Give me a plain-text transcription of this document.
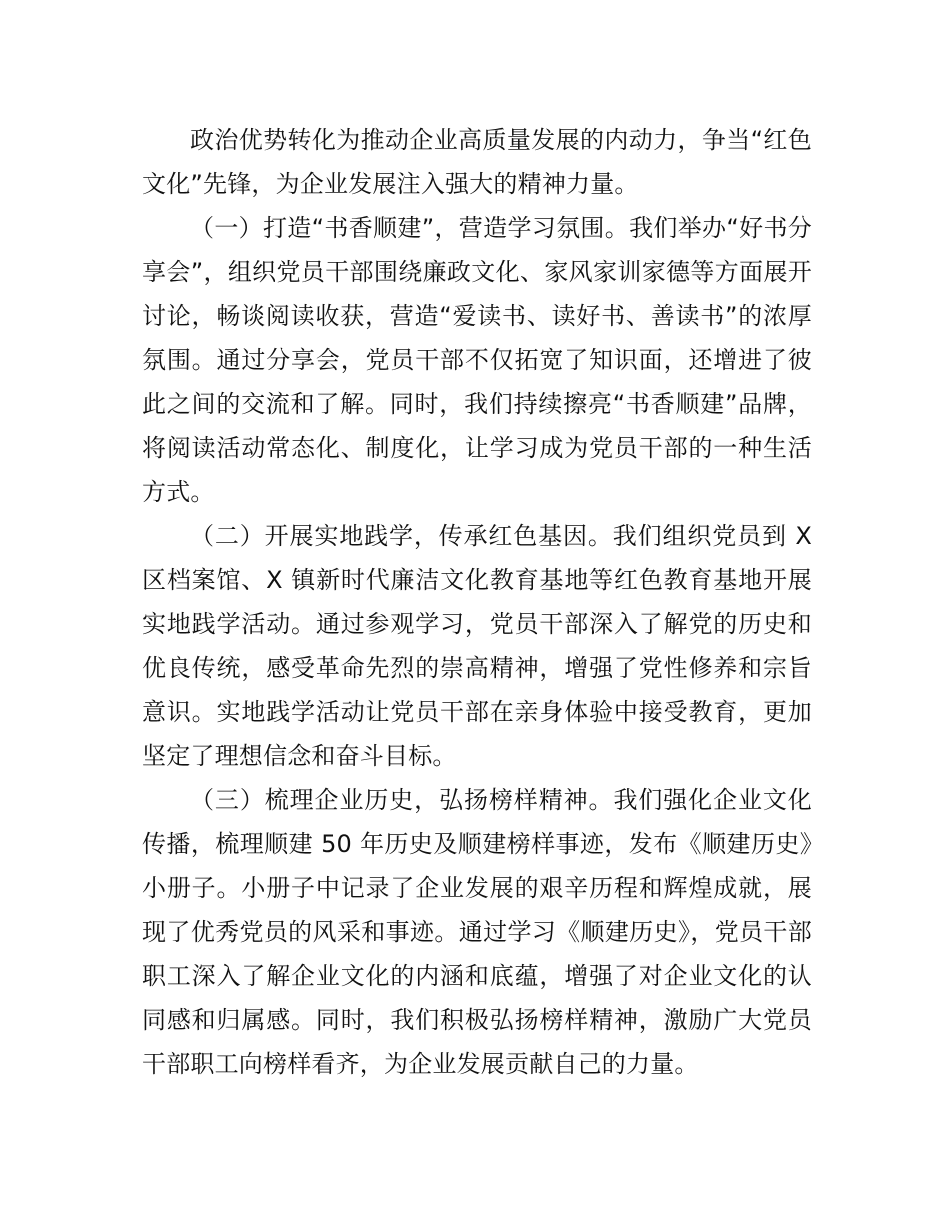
政治优势转化为推动企业高质量发展的内动力，争当“红色文化”先锋，为企业发展注入强大的精神力量。

（一）打造“书香顺建”，营造学习氛围。我们举办“好书分享会”，组织党员干部围绕廉政文化、家风家训家德等方面展开讨论，畅谈阅读收获，营造“爱读书、读好书、善读书”的浓厚氛围。通过分享会，党员干部不仅拓宽了知识面，还增进了彼此之间的交流和了解。同时，我们持续擦亮“书香顺建”品牌，将阅读活动常态化、制度化，让学习成为党员干部的一种生活方式。

（二）开展实地践学，传承红色基因。我们组织党员到 X 区档案馆、X 镇新时代廉洁文化教育基地等红色教育基地开展实地践学活动。通过参观学习，党员干部深入了解党的历史和优良传统，感受革命先烈的崇高精神，增强了党性修养和宗旨意识。实地践学活动让党员干部在亲身体验中接受教育，更加坚定了理想信念和奋斗目标。

（三）梳理企业历史，弘扬榜样精神。我们强化企业文化传播，梳理顺建 50 年历史及顺建榜样事迹，发布《顺建历史》小册子。小册子中记录了企业发展的艰辛历程和辉煌成就，展现了优秀党员的风采和事迹。通过学习《顺建历史》，党员干部职工深入了解企业文化的内涵和底蕴，增强了对企业文化的认同感和归属感。同时，我们积极弘扬榜样精神，激励广大党员干部职工向榜样看齐，为企业发展贡献自己的力量。
